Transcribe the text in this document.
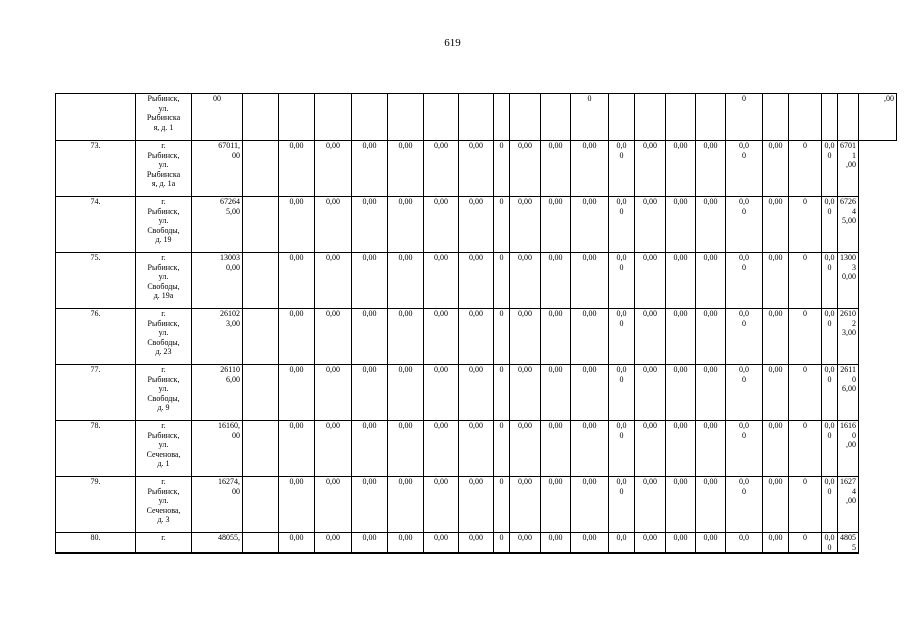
619
	Рыбинск,
ул.
Рыбинска
я, д. 1	00											0					0					,00
73.	г.
Рыбинск,
ул.
Рыбинска
я, д. 1а	67011,
00		0,00	0,00	0,00	0,00	0,00	0,00	0	0,00	0,00	0,00	0,0
0	0,00	0,00	0,00	0,0
0	0,00	0	0,00	67011
,00	
74.	г.
Рыбинск,
ул.
Свободы,
д. 19	67264
5,00		0,00	0,00	0,00	0,00	0,00	0,00	0	0,00	0,00	0,00	0,0
0	0,00	0,00	0,00	0,0
0	0,00	0	0,00	67264
5,00	
75.	г.
Рыбинск,
ул.
Свободы,
д. 19а	13003
0,00		0,00	0,00	0,00	0,00	0,00	0,00	0	0,00	0,00	0,00	0,0
0	0,00	0,00	0,00	0,0
0	0,00	0	0,00	13003
0,00	
76.	г.
Рыбинск,
ул.
Свободы,
д. 23	26102
3,00		0,00	0,00	0,00	0,00	0,00	0,00	0	0,00	0,00	0,00	0,0
0	0,00	0,00	0,00	0,0
0	0,00	0	0,00	26102
3,00	
77.	г.
Рыбинск,
ул.
Свободы,
д. 9	26110
6,00		0,00	0,00	0,00	0,00	0,00	0,00	0	0,00	0,00	0,00	0,0
0	0,00	0,00	0,00	0,0
0	0,00	0	0,00	26110
6,00	
78.	г.
Рыбинск,
ул.
Сеченова,
д. 1	16160,
00		0,00	0,00	0,00	0,00	0,00	0,00	0	0,00	0,00	0,00	0,0
0	0,00	0,00	0,00	0,0
0	0,00	0	0,00	16160
,00	
79.	г.
Рыбинск,
ул.
Сеченова,
д. 3	16274,
00		0,00	0,00	0,00	0,00	0,00	0,00	0	0,00	0,00	0,00	0,0
0	0,00	0,00	0,00	0,0
0	0,00	0	0,00	16274
,00	
80.	г.	48055,		0,00	0,00	0,00	0,00	0,00	0,00	0	0,00	0,00	0,00	0,0	0,00	0,00	0,00	0,0	0,00	0	0,00	48055	
